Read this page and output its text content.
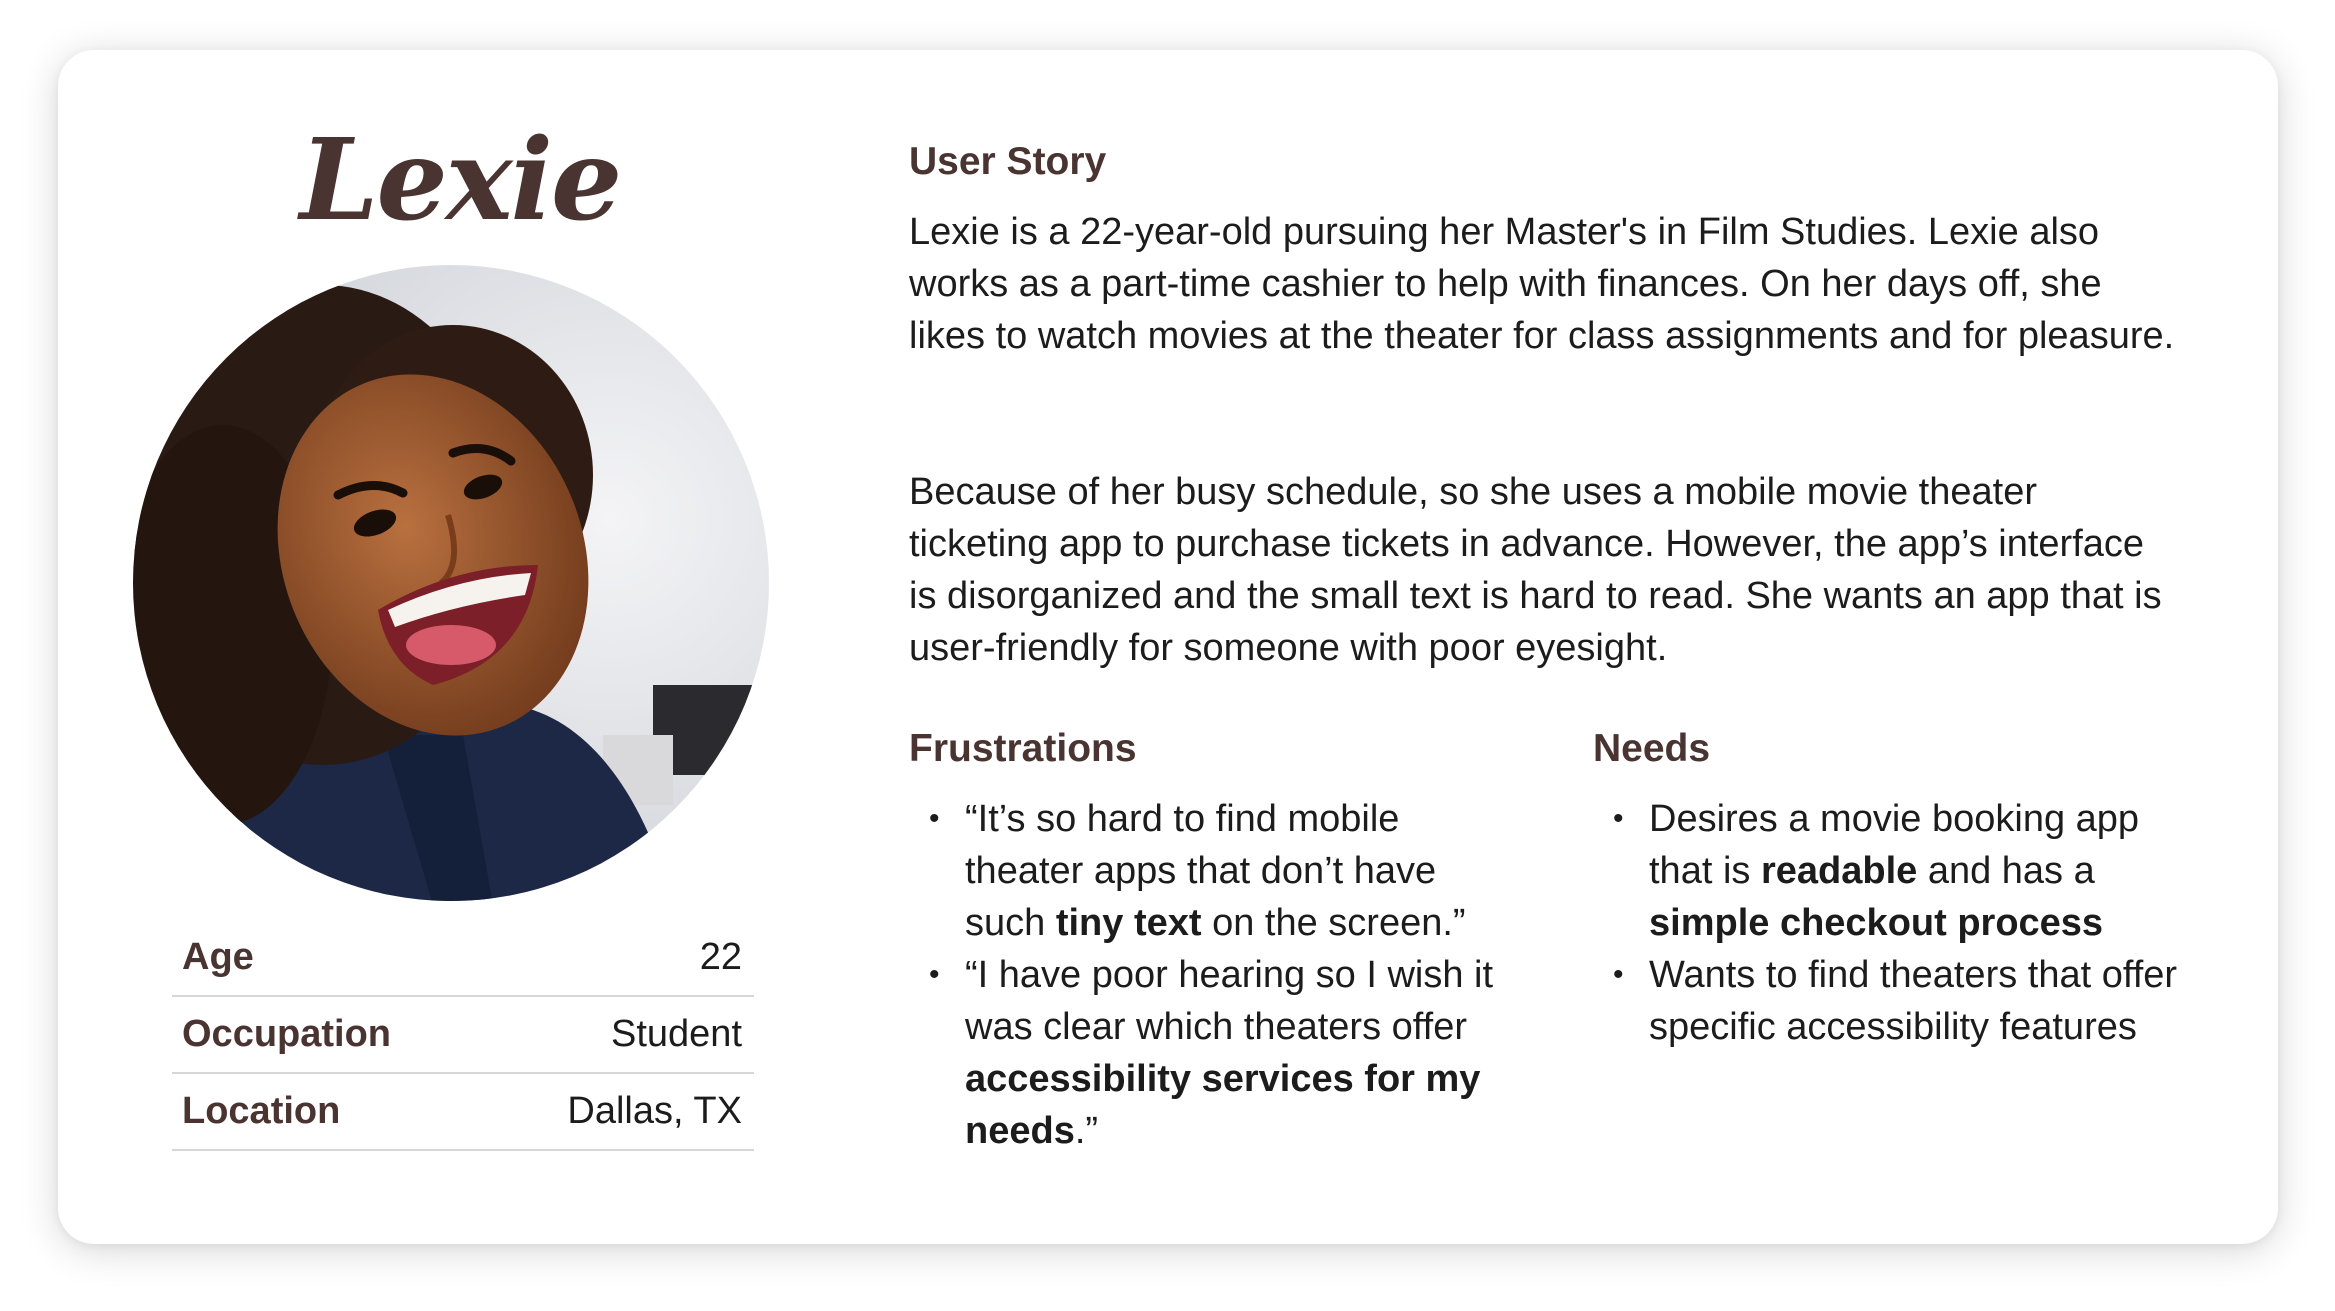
Lexie
Age	22
Occupation	Student
Location	Dallas, TX
User Story
Lexie is a 22-year-old pursuing her Master's in Film Studies. Lexie also works as a part-time cashier to help with finances. On her days off, she likes to watch movies at the theater for class assignments and for pleasure.
Because of her busy schedule, so she uses a mobile movie theater ticketing app to purchase tickets in advance. However, the app’s interface is disorganized and the small text is hard to read. She wants an app that is user-friendly for someone with poor eyesight.
Frustrations
• “It’s so hard to find mobile theater apps that don’t have such tiny text on the screen.”
• “I have poor hearing so I wish it was clear which theaters offer accessibility services for my needs.”
Needs
• Desires a movie booking app that is readable and has a simple checkout process
• Wants to find theaters that offer specific accessibility features
